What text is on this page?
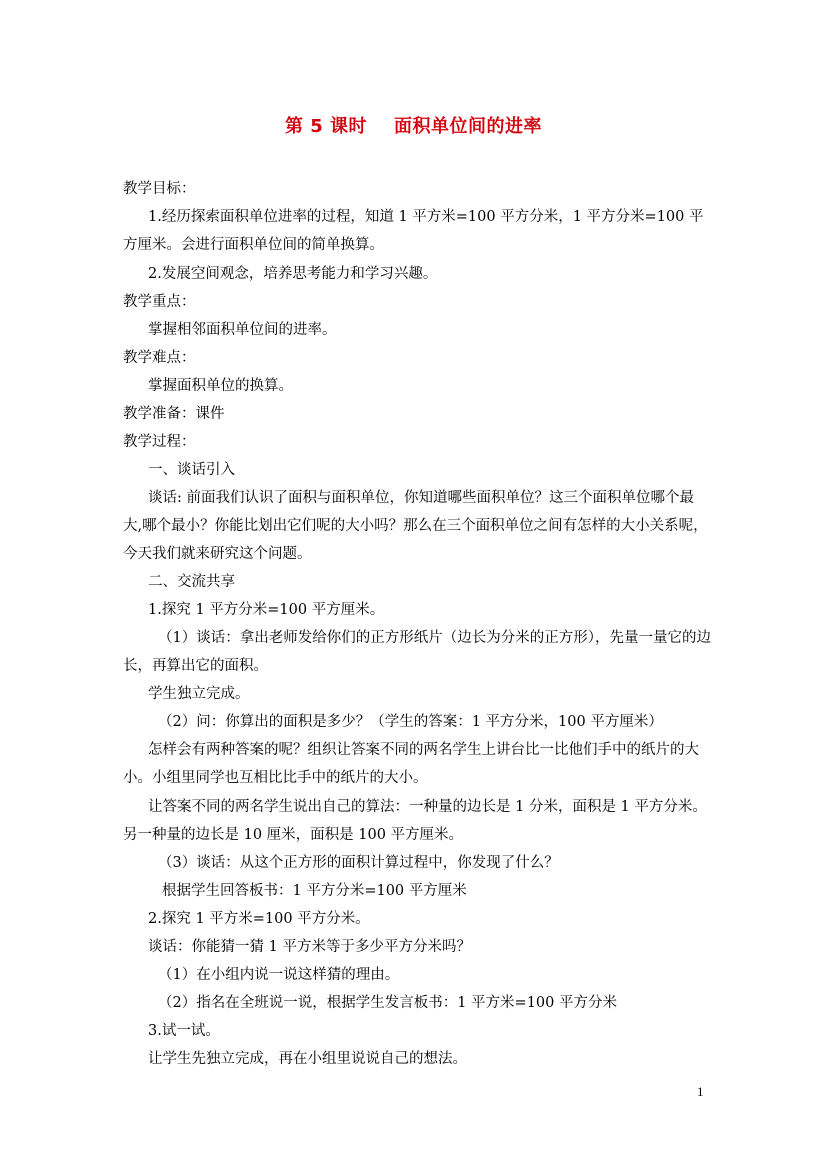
第 5 课时    面积单位间的进率
教学目标：
1.经历探索面积单位进率的过程，知道 1 平方米=100 平方分米，1 平方分米=100 平
方厘米。会进行面积单位间的简单换算。
2.发展空间观念，培养思考能力和学习兴趣。
教学重点：
掌握相邻面积单位间的进率。
教学难点：
掌握面积单位的换算。
教学准备：课件
教学过程：
一、谈话引入
谈话: 前面我们认识了面积与面积单位，你知道哪些面积单位？这三个面积单位哪个最
大,哪个最小？你能比划出它们呢的大小吗？那么在三个面积单位之间有怎样的大小关系呢，
今天我们就来研究这个问题。
二、交流共享
1.探究 1 平方分米=100 平方厘米。
（1）谈话：拿出老师发给你们的正方形纸片（边长为分米的正方形），先量一量它的边
长，再算出它的面积。
学生独立完成。
（2）问：你算出的面积是多少？（学生的答案：1 平方分米，100 平方厘米）
怎样会有两种答案的呢？组织让答案不同的两名学生上讲台比一比他们手中的纸片的大
小。小组里同学也互相比比手中的纸片的大小。
让答案不同的两名学生说出自己的算法：一种量的边长是 1 分米，面积是 1 平方分米。
另一种量的边长是 10 厘米，面积是 100 平方厘米。
（3）谈话：从这个正方形的面积计算过程中，你发现了什么？
根据学生回答板书：1 平方分米=100 平方厘米
2.探究 1 平方米=100 平方分米。
谈话：你能猜一猜 1 平方米等于多少平方分米吗？
（1）在小组内说一说这样猜的理由。
（2）指名在全班说一说，根据学生发言板书：1 平方米=100 平方分米
3.试一试。
让学生先独立完成，再在小组里说说自己的想法。
1
